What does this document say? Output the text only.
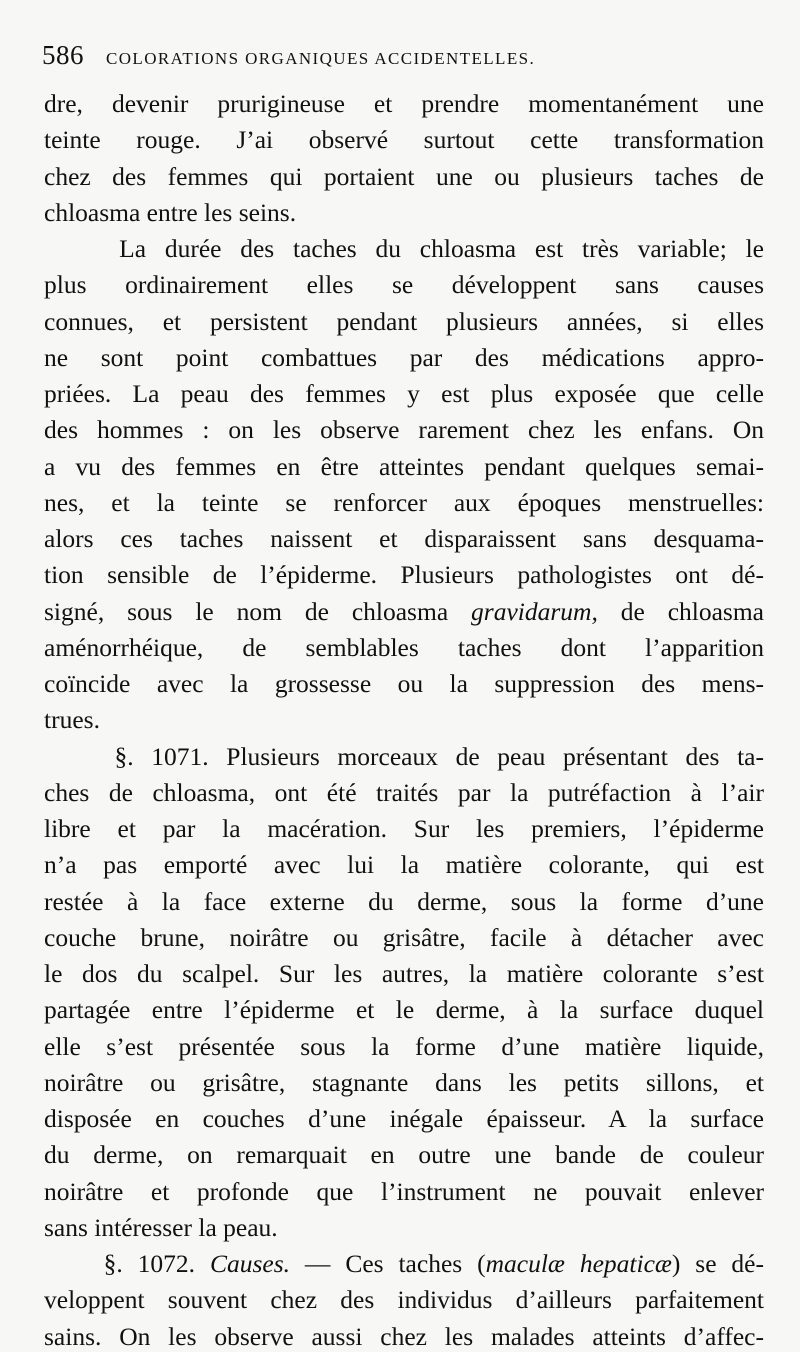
586 COLORATIONS ORGANIQUES ACCIDENTELLES.
dre, devenir prurigineuse et prendre momentanément une
teinte rouge. J’ai observé surtout cette transformation
chez des femmes qui portaient une ou plusieurs taches de
chloasma entre les seins.
La durée des taches du chloasma est très variable; le
plus ordinairement elles se développent sans causes
connues, et persistent pendant plusieurs années, si elles
ne sont point combattues par des médications appro-
priées. La peau des femmes y est plus exposée que celle
des hommes : on les observe rarement chez les enfans. On
a vu des femmes en être atteintes pendant quelques semai-
nes, et la teinte se renforcer aux époques menstruelles:
alors ces taches naissent et disparaissent sans desquama-
tion sensible de l’épiderme. Plusieurs pathologistes ont dé-
signé, sous le nom de chloasma gravidarum, de chloasma
aménorrhéique, de semblables taches dont l’apparition
coïncide avec la grossesse ou la suppression des mens-
trues.
§. 1071. Plusieurs morceaux de peau présentant des ta-
ches de chloasma, ont été traités par la putréfaction à l’air
libre et par la macération. Sur les premiers, l’épiderme
n’a pas emporté avec lui la matière colorante, qui est
restée à la face externe du derme, sous la forme d’une
couche brune, noirâtre ou grisâtre, facile à détacher avec
le dos du scalpel. Sur les autres, la matière colorante s’est
partagée entre l’épiderme et le derme, à la surface duquel
elle s’est présentée sous la forme d’une matière liquide,
noirâtre ou grisâtre, stagnante dans les petits sillons, et
disposée en couches d’une inégale épaisseur. A la surface
du derme, on remarquait en outre une bande de couleur
noirâtre et profonde que l’instrument ne pouvait enlever
sans intéresser la peau.
§. 1072. Causes. — Ces taches (maculæ hepaticæ) se dé-
veloppent souvent chez des individus d’ailleurs parfaitement
sains. On les observe aussi chez les malades atteints d’affec-
